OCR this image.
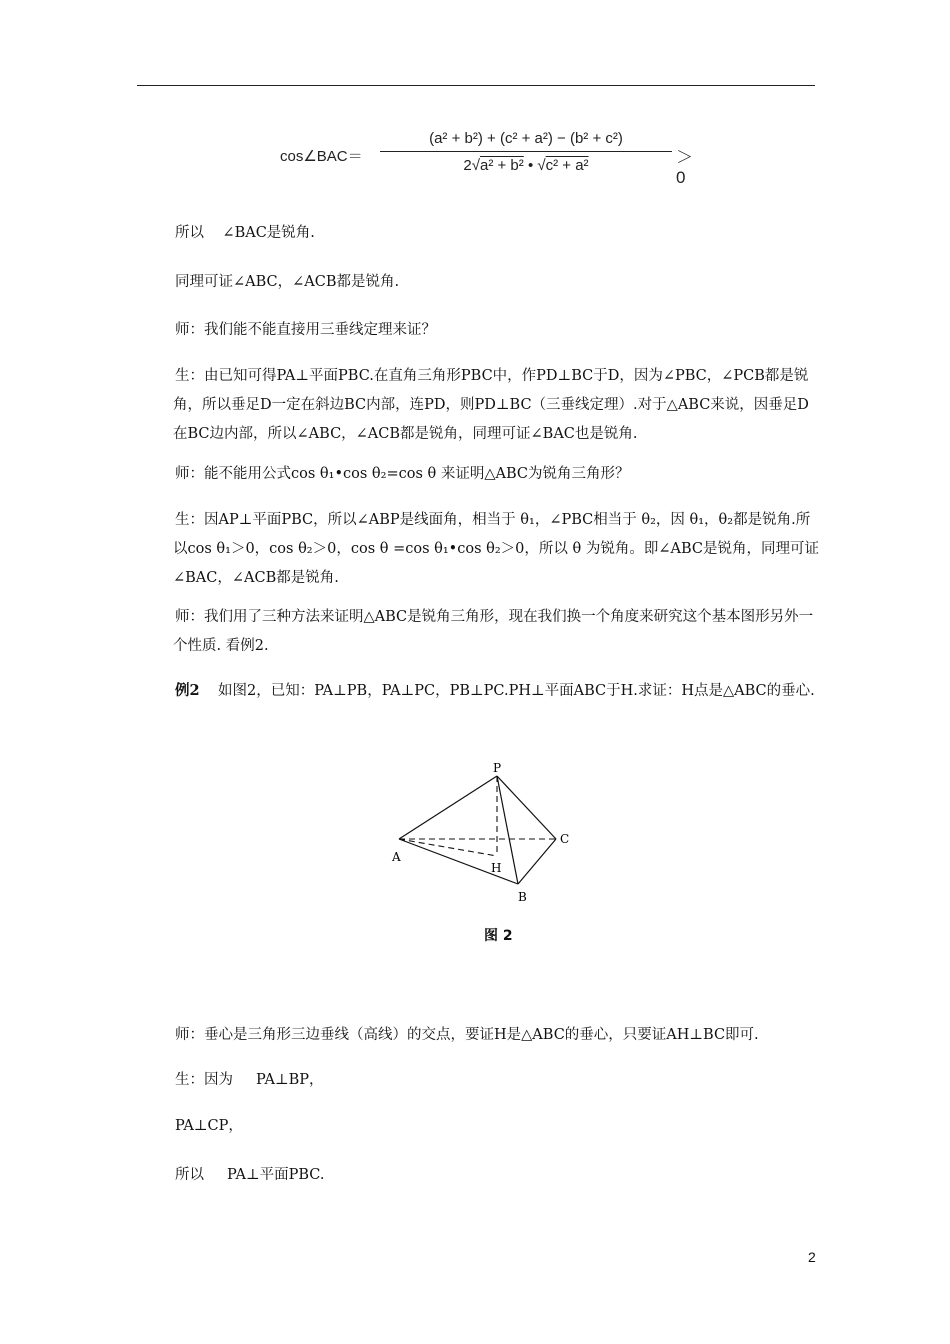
cos∠BAC＝
(a² + b²) + (c² + a²) − (b² + c²)
2√a² + b² • √c² + a²	＞0

所以    ∠BAC是锐角.

同理可证∠ABC，∠ACB都是锐角.

师：我们能不能直接用三垂线定理来证？

生：由已知可得PA⊥平面PBC.在直角三角形PBC中，作PD⊥BC于D，因为∠PBC，∠PCB都是锐角，所以垂足D一定在斜边BC内部，连PD，则PD⊥BC（三垂线定理）.对于△ABC来说，因垂足D在BC边内部，所以∠ABC，∠ACB都是锐角，同理可证∠BAC也是锐角.

师：能不能用公式cos θ₁•cos θ₂=cos θ 来证明△ABC为锐角三角形？

生：因AP⊥平面PBC，所以∠ABP是线面角，相当于 θ₁，∠PBC相当于 θ₂，因 θ₁，θ₂都是锐角.所以cos θ₁＞0，cos θ₂＞0，cos θ =cos θ₁•cos θ₂＞0，所以 θ 为锐角。即∠ABC是锐角，同理可证∠BAC，∠ACB都是锐角.

师：我们用了三种方法来证明△ABC是锐角三角形，现在我们换一个角度来研究这个基本图形另外一个性质. 看例2.

例2    如图2，已知：PA⊥PB，PA⊥PC，PB⊥PC.PH⊥平面ABC于H.求证：H点是△ABC的垂心.

P
A
B
C
H
图 2

师：垂心是三角形三边垂线（高线）的交点，要证H是△ABC的垂心，只要证AH⊥BC即可.

生：因为     PA⊥BP，

PA⊥CP，

所以     PA⊥平面PBC.

2
